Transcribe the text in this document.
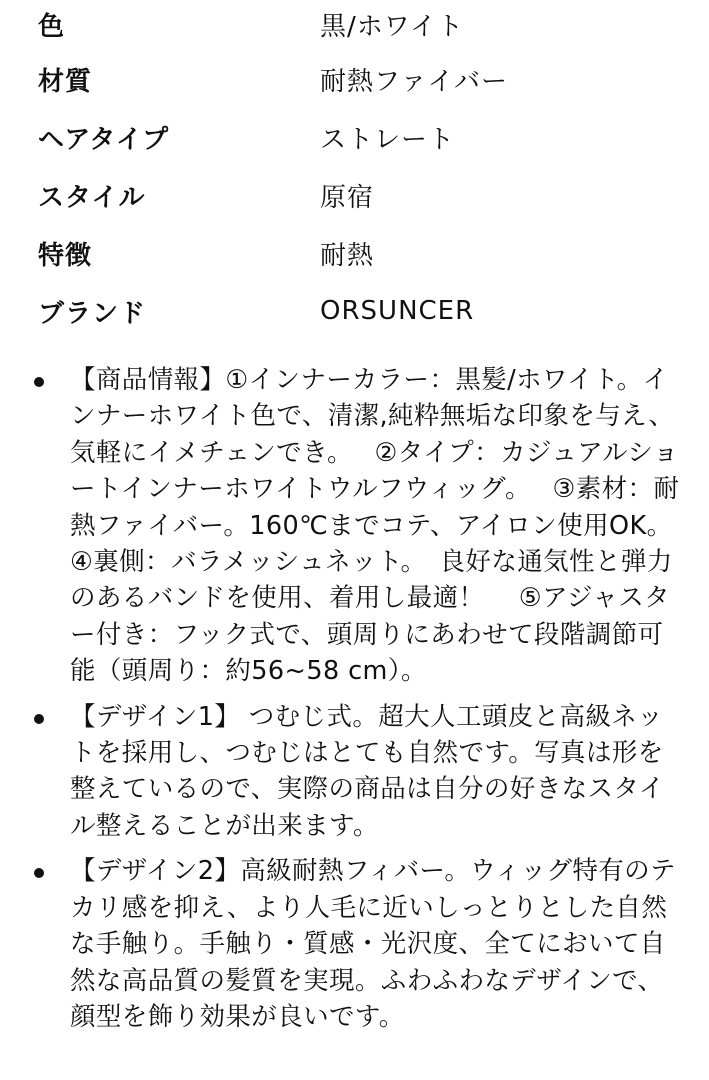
色	黒/ホワイト
材質	耐熱ファイバー
ヘアタイプ	ストレート
スタイル	原宿
特徴	耐熱
ブランド	ORSUNCER
【商品情報】①インナーカラー：黒髪/ホワイト。インナーホワイト色で、清潔,純粋無垢な印象を与え、気軽にイメチェンでき。　 ②タイプ：カジュアルショートインナーホワイトウルフウィッグ。　 ③素材：耐熱ファイバー。160℃までコテ、アイロン使用OK。　 ④裏側：バラメッシュネット。　良好な通気性と弾力のあるバンドを使用、着用し最適！　 ⑤アジャスター付き：フック式で、頭周りにあわせて段階調節可能（頭周り：約56~58 cm）。
【デザイン1】 つむじ式。超大人工頭皮と高級ネットを採用し、つむじはとても自然です。写真は形を整えているので、実際の商品は自分の好きなスタイル整えることが出来ます。
【デザイン2】高級耐熱フィバー。ウィッグ特有のテカリ感を抑え、より人毛に近いしっとりとした自然な手触り。手触り・質感・光沢度、全てにおいて自然な高品質の髪質を実現。ふわふわなデザインで、顔型を飾り効果が良いです。
